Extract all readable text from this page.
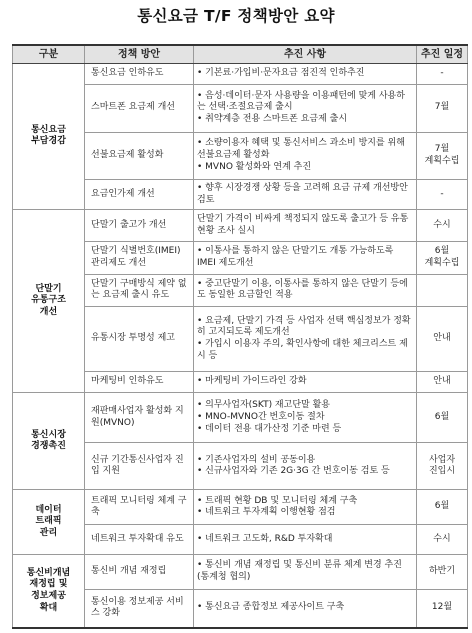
통신요금 T/F 정책방안 요약
구분	정책 방안	추진 사항	추진 일정

통신요금
부담경감	통신요금 인하유도	• 기본료·가입비·문자요금 점진적 인하추진	-
	스마트폰 요금제 개선	• 음성·데이터·문자 사용량을 이용패턴에 맞게 사용하는 선택·조절요금제 출시
• 취약계층 전용 스마트폰 요금제 출시	7월
	선불요금제 활성화	• 소량이용자 혜택 및 통신서비스 과소비 방지를 위해 선불요금제 활성화
• MVNO 활성화와 연계 추진	7월
계획수립

	요금인가제 개선	• 향후 시장경쟁 상황 등을 고려해 요금 규제 개선방안 검토	-

단말기
유통구조
개선	단말기 출고가 개선	단말기 가격이 비싸게 책정되지 않도록 출고가 등 유통현황 조사 실시	수시
	단말기 식별번호(IMEI) 관리제도 개선	• 이통사를 통하지 않은 단말기도 개통 가능하도록 IMEI 제도개선	6월
계획수립

	단말기 구매방식 제약 없는 요금제 출시 유도	• 중고단말기 이용, 이통사를 통하지 않은 단말기 등에도 동일한 요금할인 적용	

	유통시장 투명성 제고	• 요금제, 단말기 가격 등 사업자 선택 핵심정보가 정확히 고지되도록 제도개선
• 가입시 이용자 주의, 확인사항에 대한 체크리스트 제시 등	안내
	마케팅비 인하유도	• 마케팅비 가이드라인 강화	안내

통신시장
경쟁촉진	재판매사업자 활성화 지원(MVNO)	• 의무사업자(SKT) 재고단말 활용
• MNO-MVNO간 번호이동 절차
• 데이터 전용 대가산정 기준 마련 등	6월
	신규 기간통신사업자 진입 지원	• 기존사업자의 설비 공동이용
• 신규사업자와 기존 2G·3G 간 번호이동 검토 등	사업자
진입시

데이터
트래픽
관리	트래픽 모니터링 체계 구축	• 트래픽 현황 DB 및 모니터링 체계 구축
• 네트워크 투자계획 이행현황 점검	6월
	네트워크 투자확대 유도	• 네트워크 고도화, R&D 투자확대	수시

통신비개념
재정립 및
정보제공
확대	통신비 개념 재정립	• 통신비 개념 재정립 및 통신비 분류 체계 변경 추진(통계청 협의)	하반기
	통신이용 정보제공 서비스 강화	• 통신요금 종합정보 제공사이트 구축	12월
